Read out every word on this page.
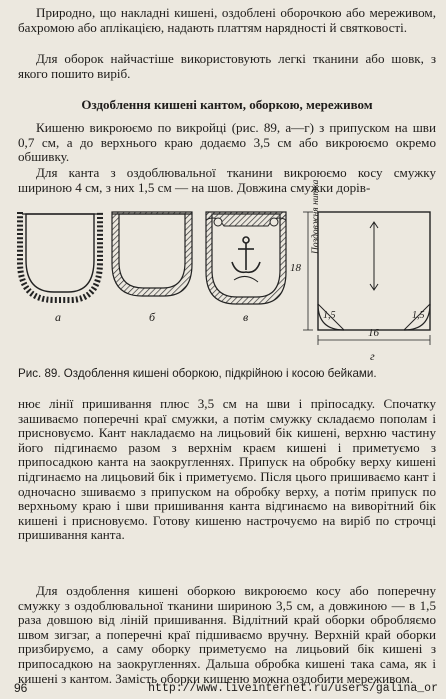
Природно, що накладні кишені, оздоблені оборочкою або мереживом, бахромою або аплікацією, надають платтям нарядності й святковості.

Для оборок найчастіше використовують легкі тканини або шовк, з якого пошито виріб.

Оздоблення кишені кантом, оборкою, мереживом

Кишеню викроюємо по викройці (рис. 89, а—г) з припуском на шви 0,7 см, а до верхнього краю додаємо 3,5 см або викроюємо окремо обшивку.

Для канта з оздоблювальної тканини викроюємо косу смужку шириною 4 см, з них 1,5 см — на шов. Довжина смужки дорів-

а	б	в
г
18
16
1,5	1,5
Поздовжня нитка
Рис. 89. Оздоблення кишені оборкою, підкрійною і косою бейками.

нює лінії пришивання плюс 3,5 см на шви і пріпосадку. Спочатку зашиваємо поперечні краї смужки, а потім смужку складаємо пополам і присновуємо. Кант накладаємо на лицьовий бік кишені, верхню частину його підгинаємо разом з верхнім краєм кишені і приметуємо з припосадкою канта на заокругленнях. Припуск на обробку верху кишені підгинаємо на лицьовий бік і приметуємо. Після цього пришиваємо кант і одночасно зшиваємо з припуском на обробку верху, а потім припуск по верхньому краю і шви пришивання канта відгинаємо на виворітний бік кишені і присновуємо. Готову кишеню настрочуємо на виріб по строчці пришивання канта.

Для оздоблення кишені оборкою викроюємо косу або поперечну смужку з оздоблювальної тканини шириною 3,5 см, а довжиною — в 1,5 раза довшою від ліній пришивання. Відлітний край оборки обробляємо швом зигзаг, а поперечні краї підшиваємо вручну. Верхній край оборки призбируємо, а саму оборку приметуємо на лицьовий бік кишені з припосадкою на заокругленнях. Дальша обробка кишені така сама, як і кишені з кантом. Замість оборки кишеню можна оздобити мереживом.

96	http://www.liveinternet.ru/users/galina_or
